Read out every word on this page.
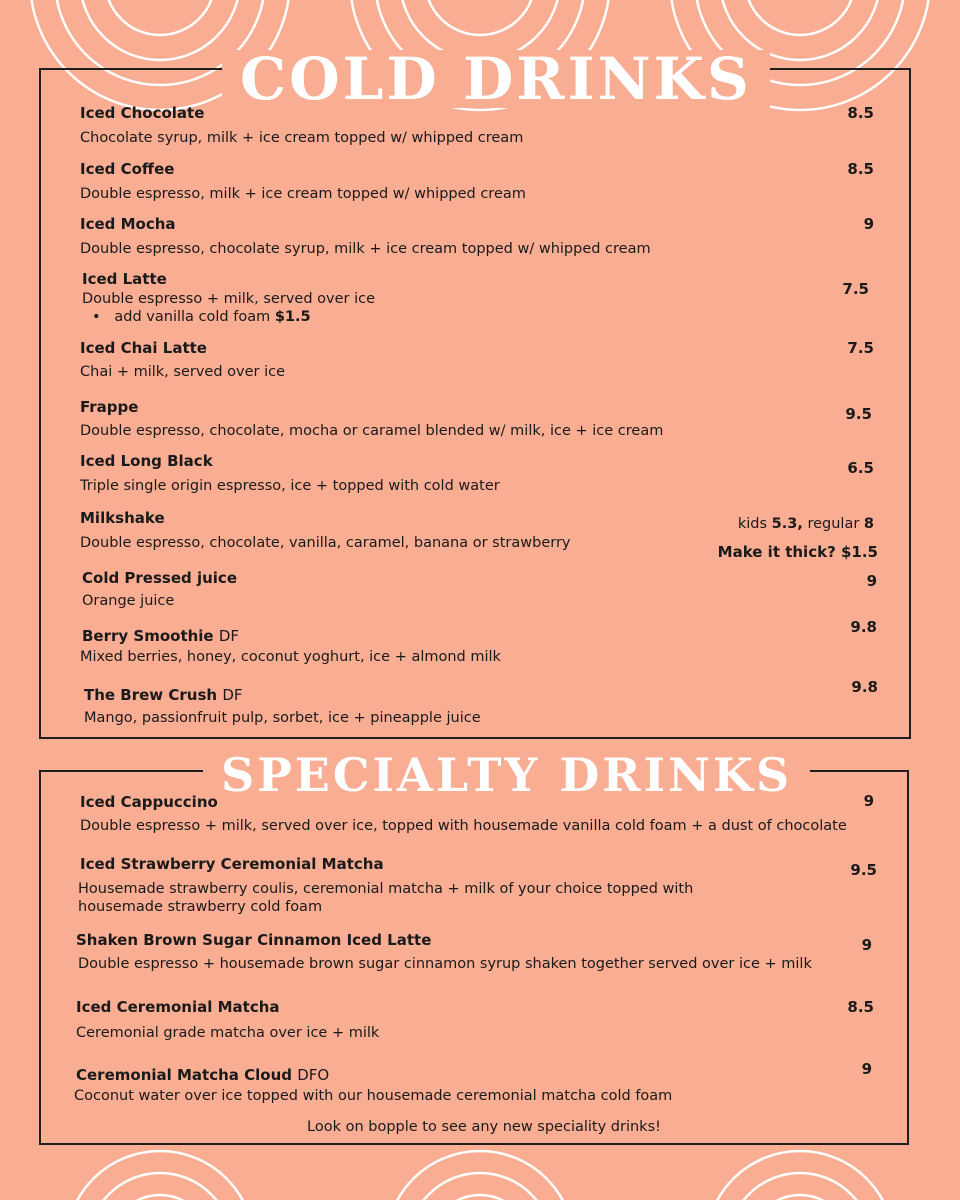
COLD DRINKS
Iced Chocolate
Chocolate syrup, milk + ice cream topped w/ whipped cream
8.5
Iced Coffee
Double espresso, milk + ice cream topped w/ whipped cream
8.5
Iced Mocha
Double espresso, chocolate syrup, milk + ice cream topped w/ whipped cream
9
Iced Latte
Double espresso + milk, served over ice
•   add vanilla cold foam $1.5
7.5
Iced Chai Latte
Chai + milk, served over ice
7.5
Frappe
Double espresso, chocolate, mocha or caramel blended w/ milk, ice + ice cream
9.5
Iced Long Black
Triple single origin espresso, ice + topped with cold water
6.5
Milkshake
Double espresso, chocolate, vanilla, caramel, banana or strawberry
kids 5.3, regular 8
Make it thick? $1.5
Cold Pressed juice
Orange juice
9
Berry Smoothie DF
Mixed berries, honey, coconut yoghurt, ice + almond milk
9.8
The Brew Crush DF
Mango, passionfruit pulp, sorbet, ice + pineapple juice
9.8
SPECIALTY DRINKS
Iced Cappuccino
Double espresso + milk, served over ice, topped with housemade vanilla cold foam + a dust of chocolate
9
Iced Strawberry Ceremonial Matcha
Housemade strawberry coulis, ceremonial matcha + milk of your choice topped with housemade strawberry cold foam
9.5
Shaken Brown Sugar Cinnamon Iced Latte
Double espresso + housemade brown sugar cinnamon syrup shaken together served over ice + milk
9
Iced Ceremonial Matcha
Ceremonial grade matcha over ice + milk
8.5
Ceremonial Matcha Cloud DFO
Coconut water over ice topped with our housemade ceremonial matcha cold foam
9
Look on bopple to see any new speciality drinks!
